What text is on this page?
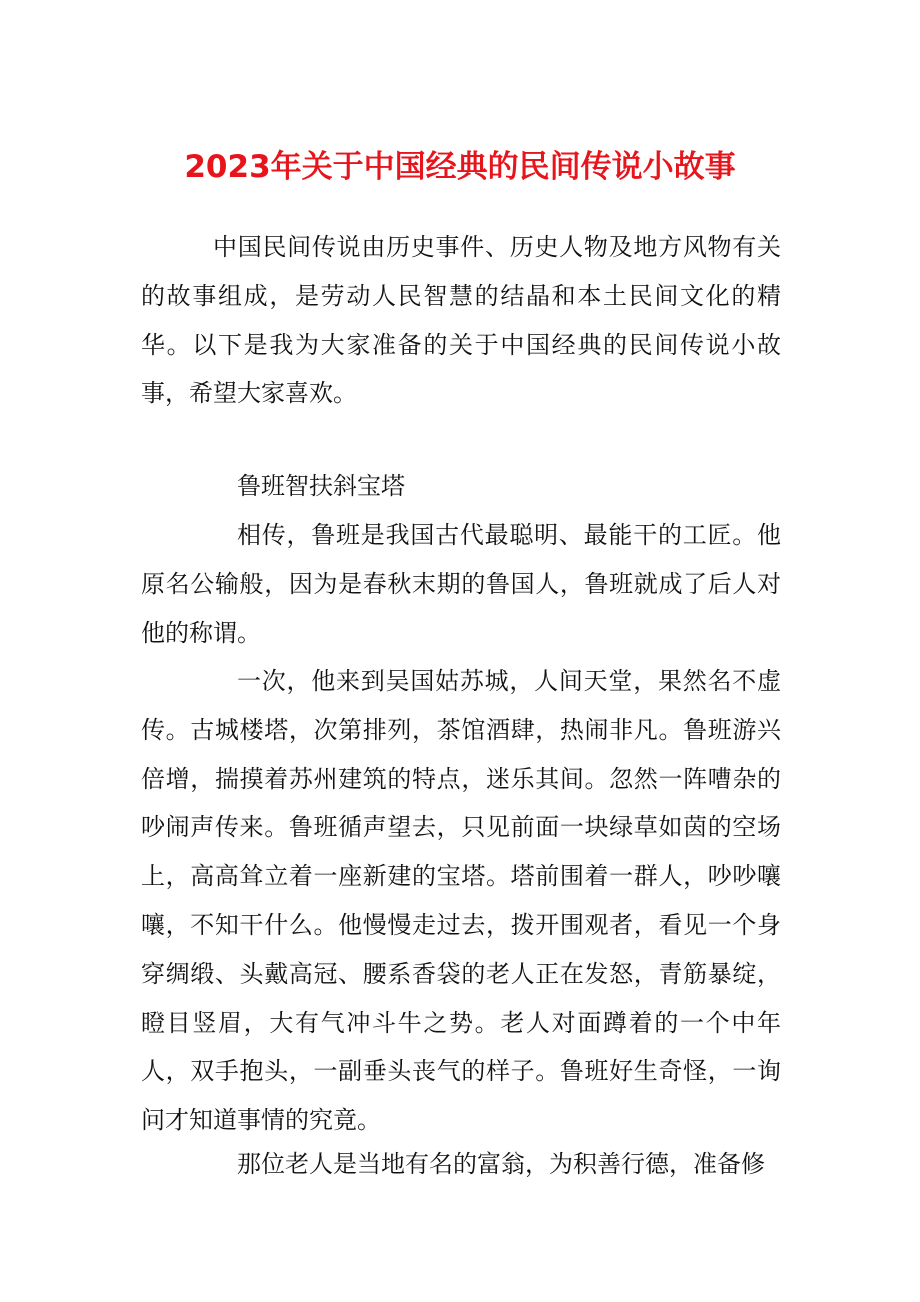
2023年关于中国经典的民间传说小故事

中国民间传说由历史事件、历史人物及地方风物有关的故事组成，是劳动人民智慧的结晶和本土民间文化的精华。以下是我为大家准备的关于中国经典的民间传说小故事，希望大家喜欢。

鲁班智扶斜宝塔

相传，鲁班是我国古代最聪明、最能干的工匠。他原名公输般，因为是春秋末期的鲁国人，鲁班就成了后人对他的称谓。

一次，他来到吴国姑苏城，人间天堂，果然名不虚传。古城楼塔，次第排列，茶馆酒肆，热闹非凡。鲁班游兴倍增，揣摸着苏州建筑的特点，迷乐其间。忽然一阵嘈杂的吵闹声传来。鲁班循声望去，只见前面一块绿草如茵的空场上，高高耸立着一座新建的宝塔。塔前围着一群人，吵吵嚷嚷，不知干什么。他慢慢走过去，拨开围观者，看见一个身穿绸缎、头戴高冠、腰系香袋的老人正在发怒，青筋暴绽，瞪目竖眉，大有气冲斗牛之势。老人对面蹲着的一个中年人，双手抱头，一副垂头丧气的样子。鲁班好生奇怪，一询问才知道事情的究竟。

那位老人是当地有名的富翁，为积善行德，准备修
